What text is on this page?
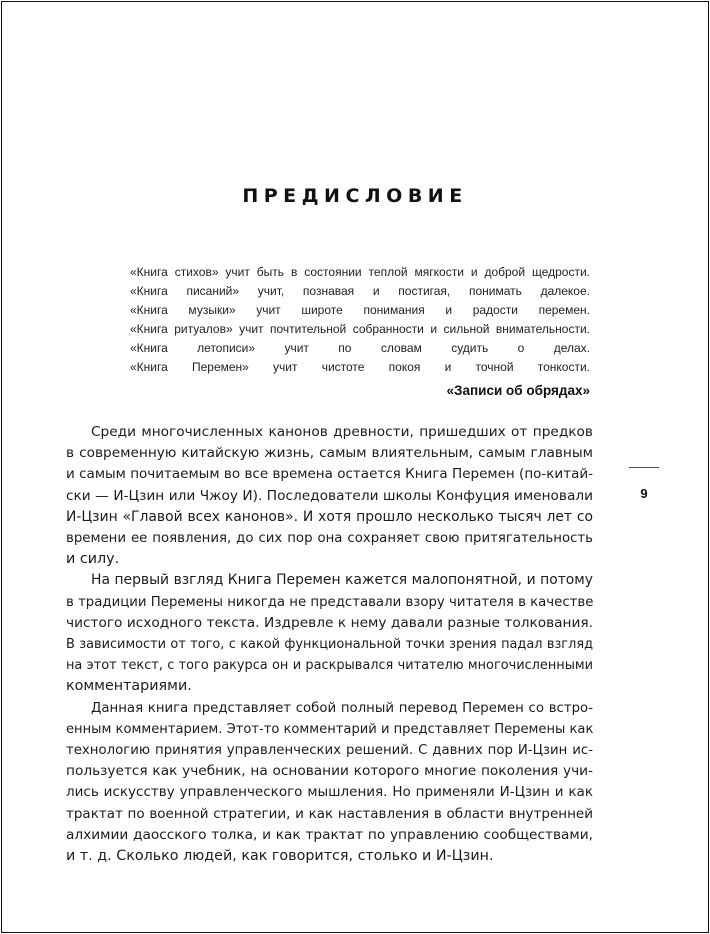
ПРЕДИСЛОВИЕ
«Книга стихов» учит быть в состоянии теплой мягкости и доброй щедрости.
«Книга писаний» учит, познавая и постигая, понимать далекое.
«Книга музыки» учит широте понимания и радости перемен.
«Книга ритуалов» учит почтительной собранности и сильной внимательности.
«Книга летописи» учит по словам судить о делах.
«Книга Перемен» учит чистоте покоя и точной тонкости.
«Записи об обрядах»
Среди многочисленных канонов древности, пришедших от предков
в современную китайскую жизнь, самым влиятельным, самым главным
и самым почитаемым во все времена остается Книга Перемен (по-китай-
ски — И-Цзин или Чжоу И). Последователи школы Конфуция именовали
И-Цзин «Главой всех канонов». И хотя прошло несколько тысяч лет со
времени ее появления, до сих пор она сохраняет свою притягательность
и силу.
На первый взгляд Книга Перемен кажется малопонятной, и потому
в традиции Перемены никогда не представали взору читателя в качестве
чистого исходного текста. Издревле к нему давали разные толкования.
В зависимости от того, с какой функциональной точки зрения падал взгляд
на этот текст, с того ракурса он и раскрывался читателю многочисленными
комментариями.
Данная книга представляет собой полный перевод Перемен со встро-
енным комментарием. Этот-то комментарий и представляет Перемены как
технологию принятия управленческих решений. С давних пор И-Цзин ис-
пользуется как учебник, на основании которого многие поколения учи-
лись искусству управленческого мышления. Но применяли И-Цзин и как
трактат по военной стратегии, и как наставления в области внутренней
алхимии даосского толка, и как трактат по управлению сообществами,
и т. д. Сколько людей, как говорится, столько и И-Цзин.
9
